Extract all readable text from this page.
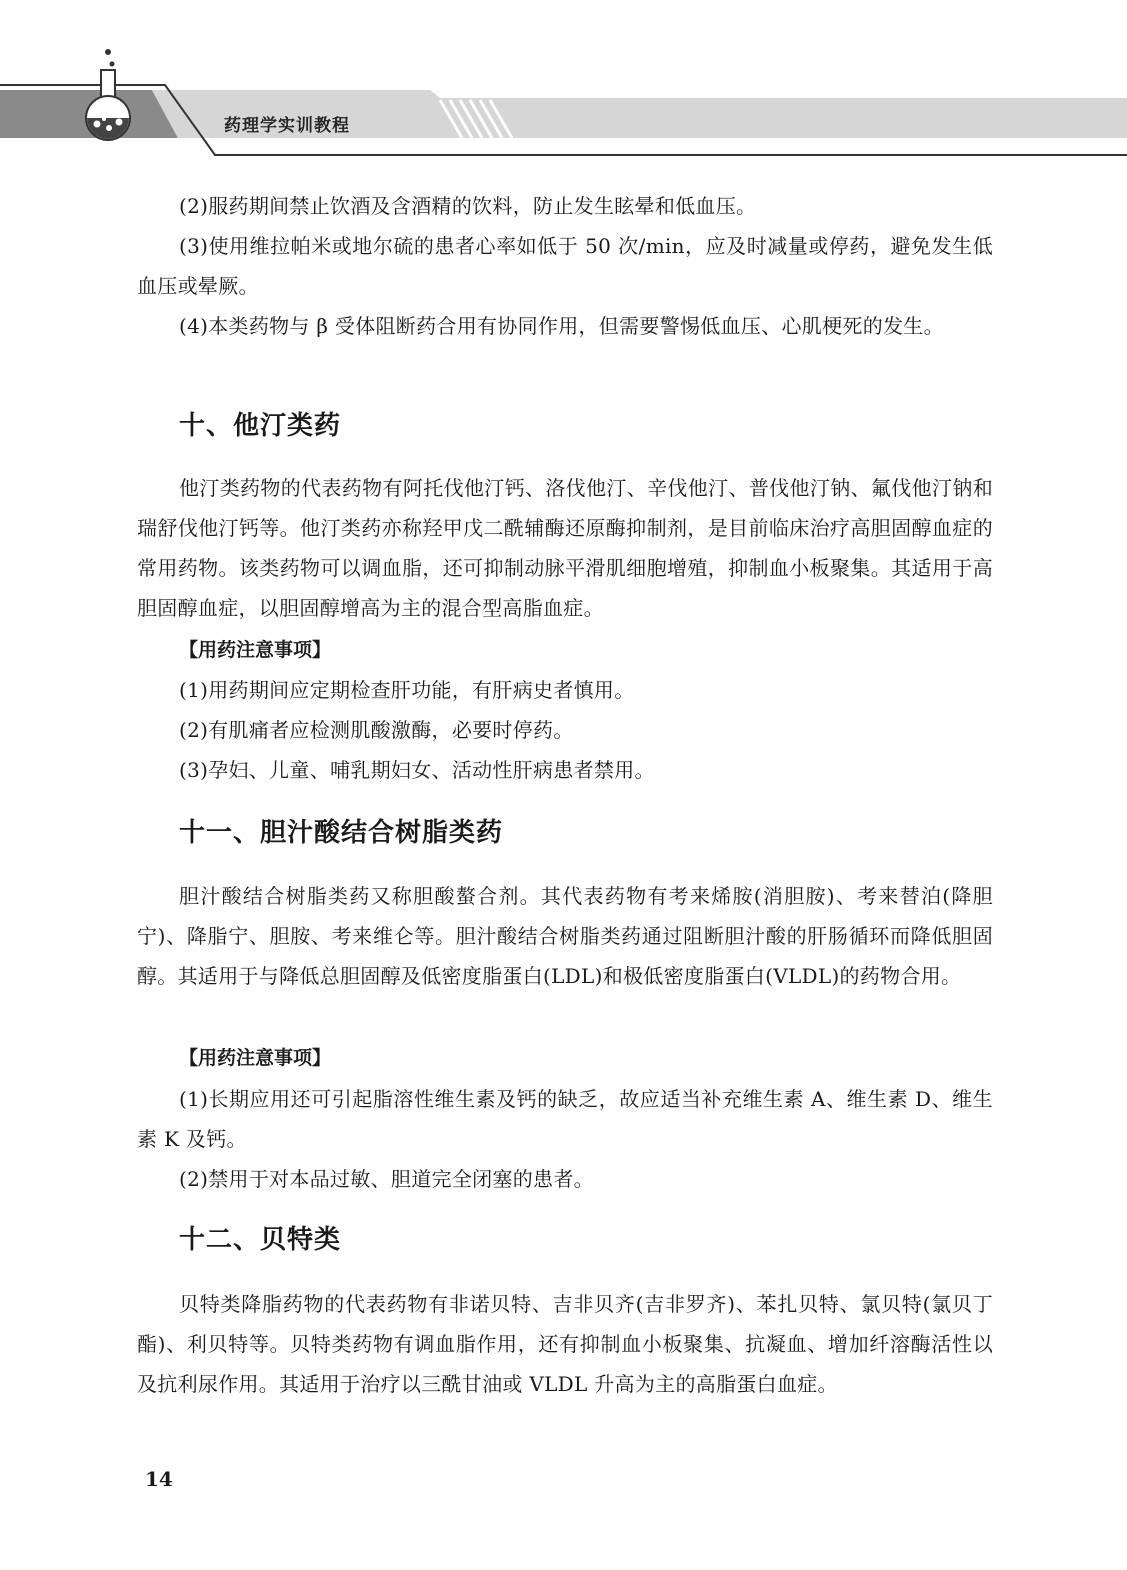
药理学实训教程
(2)服药期间禁止饮酒及含酒精的饮料，防止发生眩晕和低血压。
(3)使用维拉帕米或地尔硫的患者心率如低于 50 次/min，应及时减量或停药，避免发生低血压或晕厥。
(4)本类药物与 β 受体阻断药合用有协同作用，但需要警惕低血压、心肌梗死的发生。
十、他汀类药
他汀类药物的代表药物有阿托伐他汀钙、洛伐他汀、辛伐他汀、普伐他汀钠、氟伐他汀钠和瑞舒伐他汀钙等。他汀类药亦称羟甲戊二酰辅酶还原酶抑制剂，是目前临床治疗高胆固醇血症的常用药物。该类药物可以调血脂，还可抑制动脉平滑肌细胞增殖，抑制血小板聚集。其适用于高胆固醇血症，以胆固醇增高为主的混合型高脂血症。
【用药注意事项】
(1)用药期间应定期检查肝功能，有肝病史者慎用。
(2)有肌痛者应检测肌酸激酶，必要时停药。
(3)孕妇、儿童、哺乳期妇女、活动性肝病患者禁用。
十一、胆汁酸结合树脂类药
胆汁酸结合树脂类药又称胆酸螯合剂。其代表药物有考来烯胺(消胆胺)、考来替泊(降胆宁)、降脂宁、胆胺、考来维仑等。胆汁酸结合树脂类药通过阻断胆汁酸的肝肠循环而降低胆固醇。其适用于与降低总胆固醇及低密度脂蛋白(LDL)和极低密度脂蛋白(VLDL)的药物合用。
【用药注意事项】
(1)长期应用还可引起脂溶性维生素及钙的缺乏，故应适当补充维生素 A、维生素 D、维生素 K 及钙。
(2)禁用于对本品过敏、胆道完全闭塞的患者。
十二、贝特类
贝特类降脂药物的代表药物有非诺贝特、吉非贝齐(吉非罗齐)、苯扎贝特、氯贝特(氯贝丁酯)、利贝特等。贝特类药物有调血脂作用，还有抑制血小板聚集、抗凝血、增加纤溶酶活性以及抗利尿作用。其适用于治疗以三酰甘油或 VLDL 升高为主的高脂蛋白血症。
14
